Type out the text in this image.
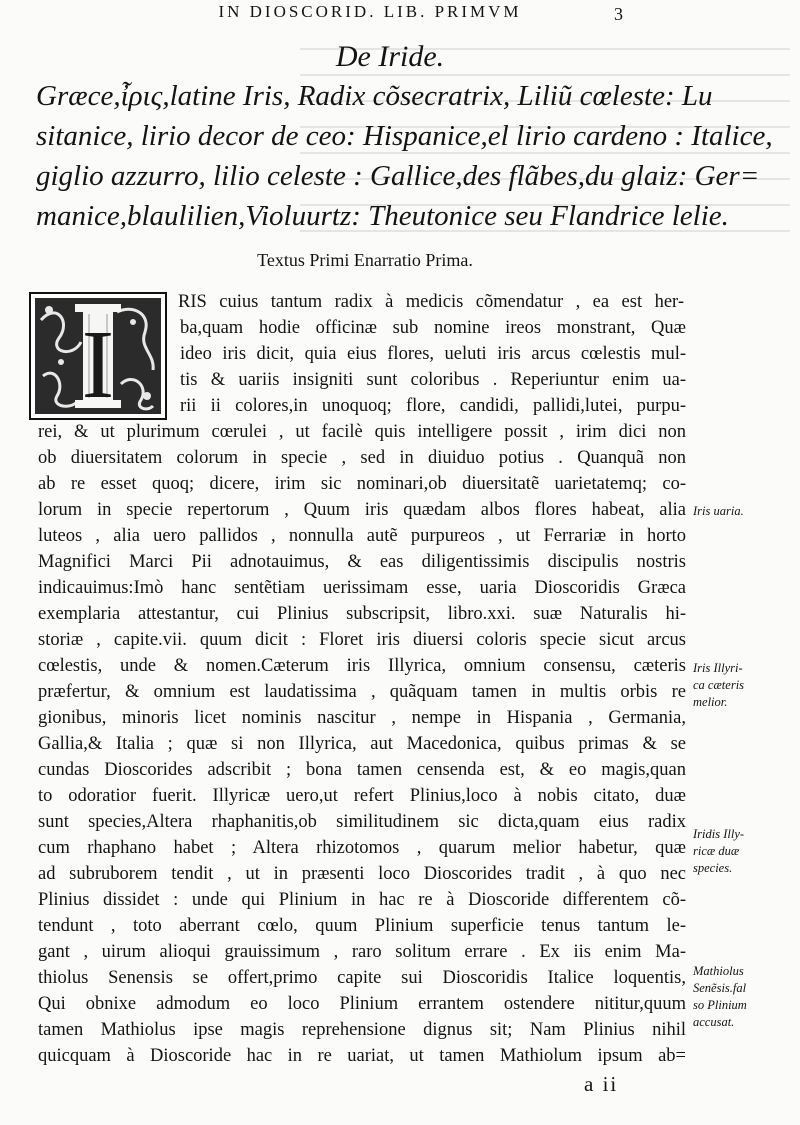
IN DIOSCORID. LIB. PRIMVM	3
De Iride.
Græce,ἶρις,latine Iris, Radix cõsecratrix, Liliũ cœleste: Lu
sitanice, lirio decor de ceo: Hispanice,el lirio cardeno : Italice,
giglio azzurro, lilio celeste : Gallice,des flãbes,du glaiz: Ger=
manice,blaulilien,Violuurtz: Theutonice seu Flandrice lelie.
Textus Primi Enarratio Prima.
I
RIS cuius tantum radix à medicis cõmendatur , ea est her-
ba,quam hodie officinæ sub nomine ireos monstrant, Quæ
ideo iris dicit, quia eius flores, ueluti iris arcus cœlestis mul-
tis & uariis insigniti sunt coloribus . Reperiuntur enim ua-
rii ii colores,in unoquoq; flore, candidi, pallidi,lutei, purpu-
rei, & ut plurimum cœrulei , ut facilè quis intelligere possit , irim dici non
ob diuersitatem colorum in specie , sed in diuiduo potius . Quanquã non
ab re esset quoq; dicere, irim sic nominari,ob diuersitatẽ uarietatemq; co-
lorum in specie repertorum , Quum iris quædam albos flores habeat, alia
luteos , alia uero pallidos , nonnulla autẽ purpureos , ut Ferrariæ in horto
Magnifici Marci Pii adnotauimus, & eas diligentissimis discipulis nostris
indicauimus:Imò hanc sentẽtiam uerissimam esse, uaria Dioscoridis Græca
exemplaria attestantur, cui Plinius subscripsit, libro.xxi. suæ Naturalis hi-
storiæ , capite.vii. quum dicit : Floret iris diuersi coloris specie sicut arcus
cœlestis, unde & nomen.Cæterum iris Illyrica, omnium consensu, cæteris
præfertur, & omnium est laudatissima , quãquam tamen in multis orbis re
gionibus, minoris licet nominis nascitur , nempe in Hispania , Germania,
Gallia,& Italia ; quæ si non Illyrica, aut Macedonica, quibus primas & se
cundas Dioscorides adscribit ; bona tamen censenda est, & eo magis,quan
to odoratior fuerit. Illyricæ uero,ut refert Plinius,loco à nobis citato, duæ
sunt species,Altera rhaphanitis,ob similitudinem sic dicta,quam eius radix
cum rhaphano habet ; Altera rhizotomos , quarum melior habetur, quæ
ad subruborem tendit , ut in præsenti loco Dioscorides tradit , à quo nec
Plinius dissidet : unde qui Plinium in hac re à Dioscoride differentem cõ-
tendunt , toto aberrant cœlo, quum Plinium superficie tenus tantum le-
gant , uirum alioqui grauissimum , raro solitum errare . Ex iis enim Ma-
thiolus Senensis se offert,primo capite sui Dioscoridis Italice loquentis,
Qui obnixe admodum eo loco Plinium errantem ostendere nititur,quum
tamen Mathiolus ipse magis reprehensione dignus sit; Nam Plinius nihil
quicquam à Dioscoride hac in re uariat, ut tamen Mathiolum ipsum ab=
Iris uaria.
Iris Illyri-
ca cæteris
melior.
Iridis Illy-
ricæ duæ
species.
Mathiolus
Senẽsis.fal
so Plinium
accusat.
a ii
